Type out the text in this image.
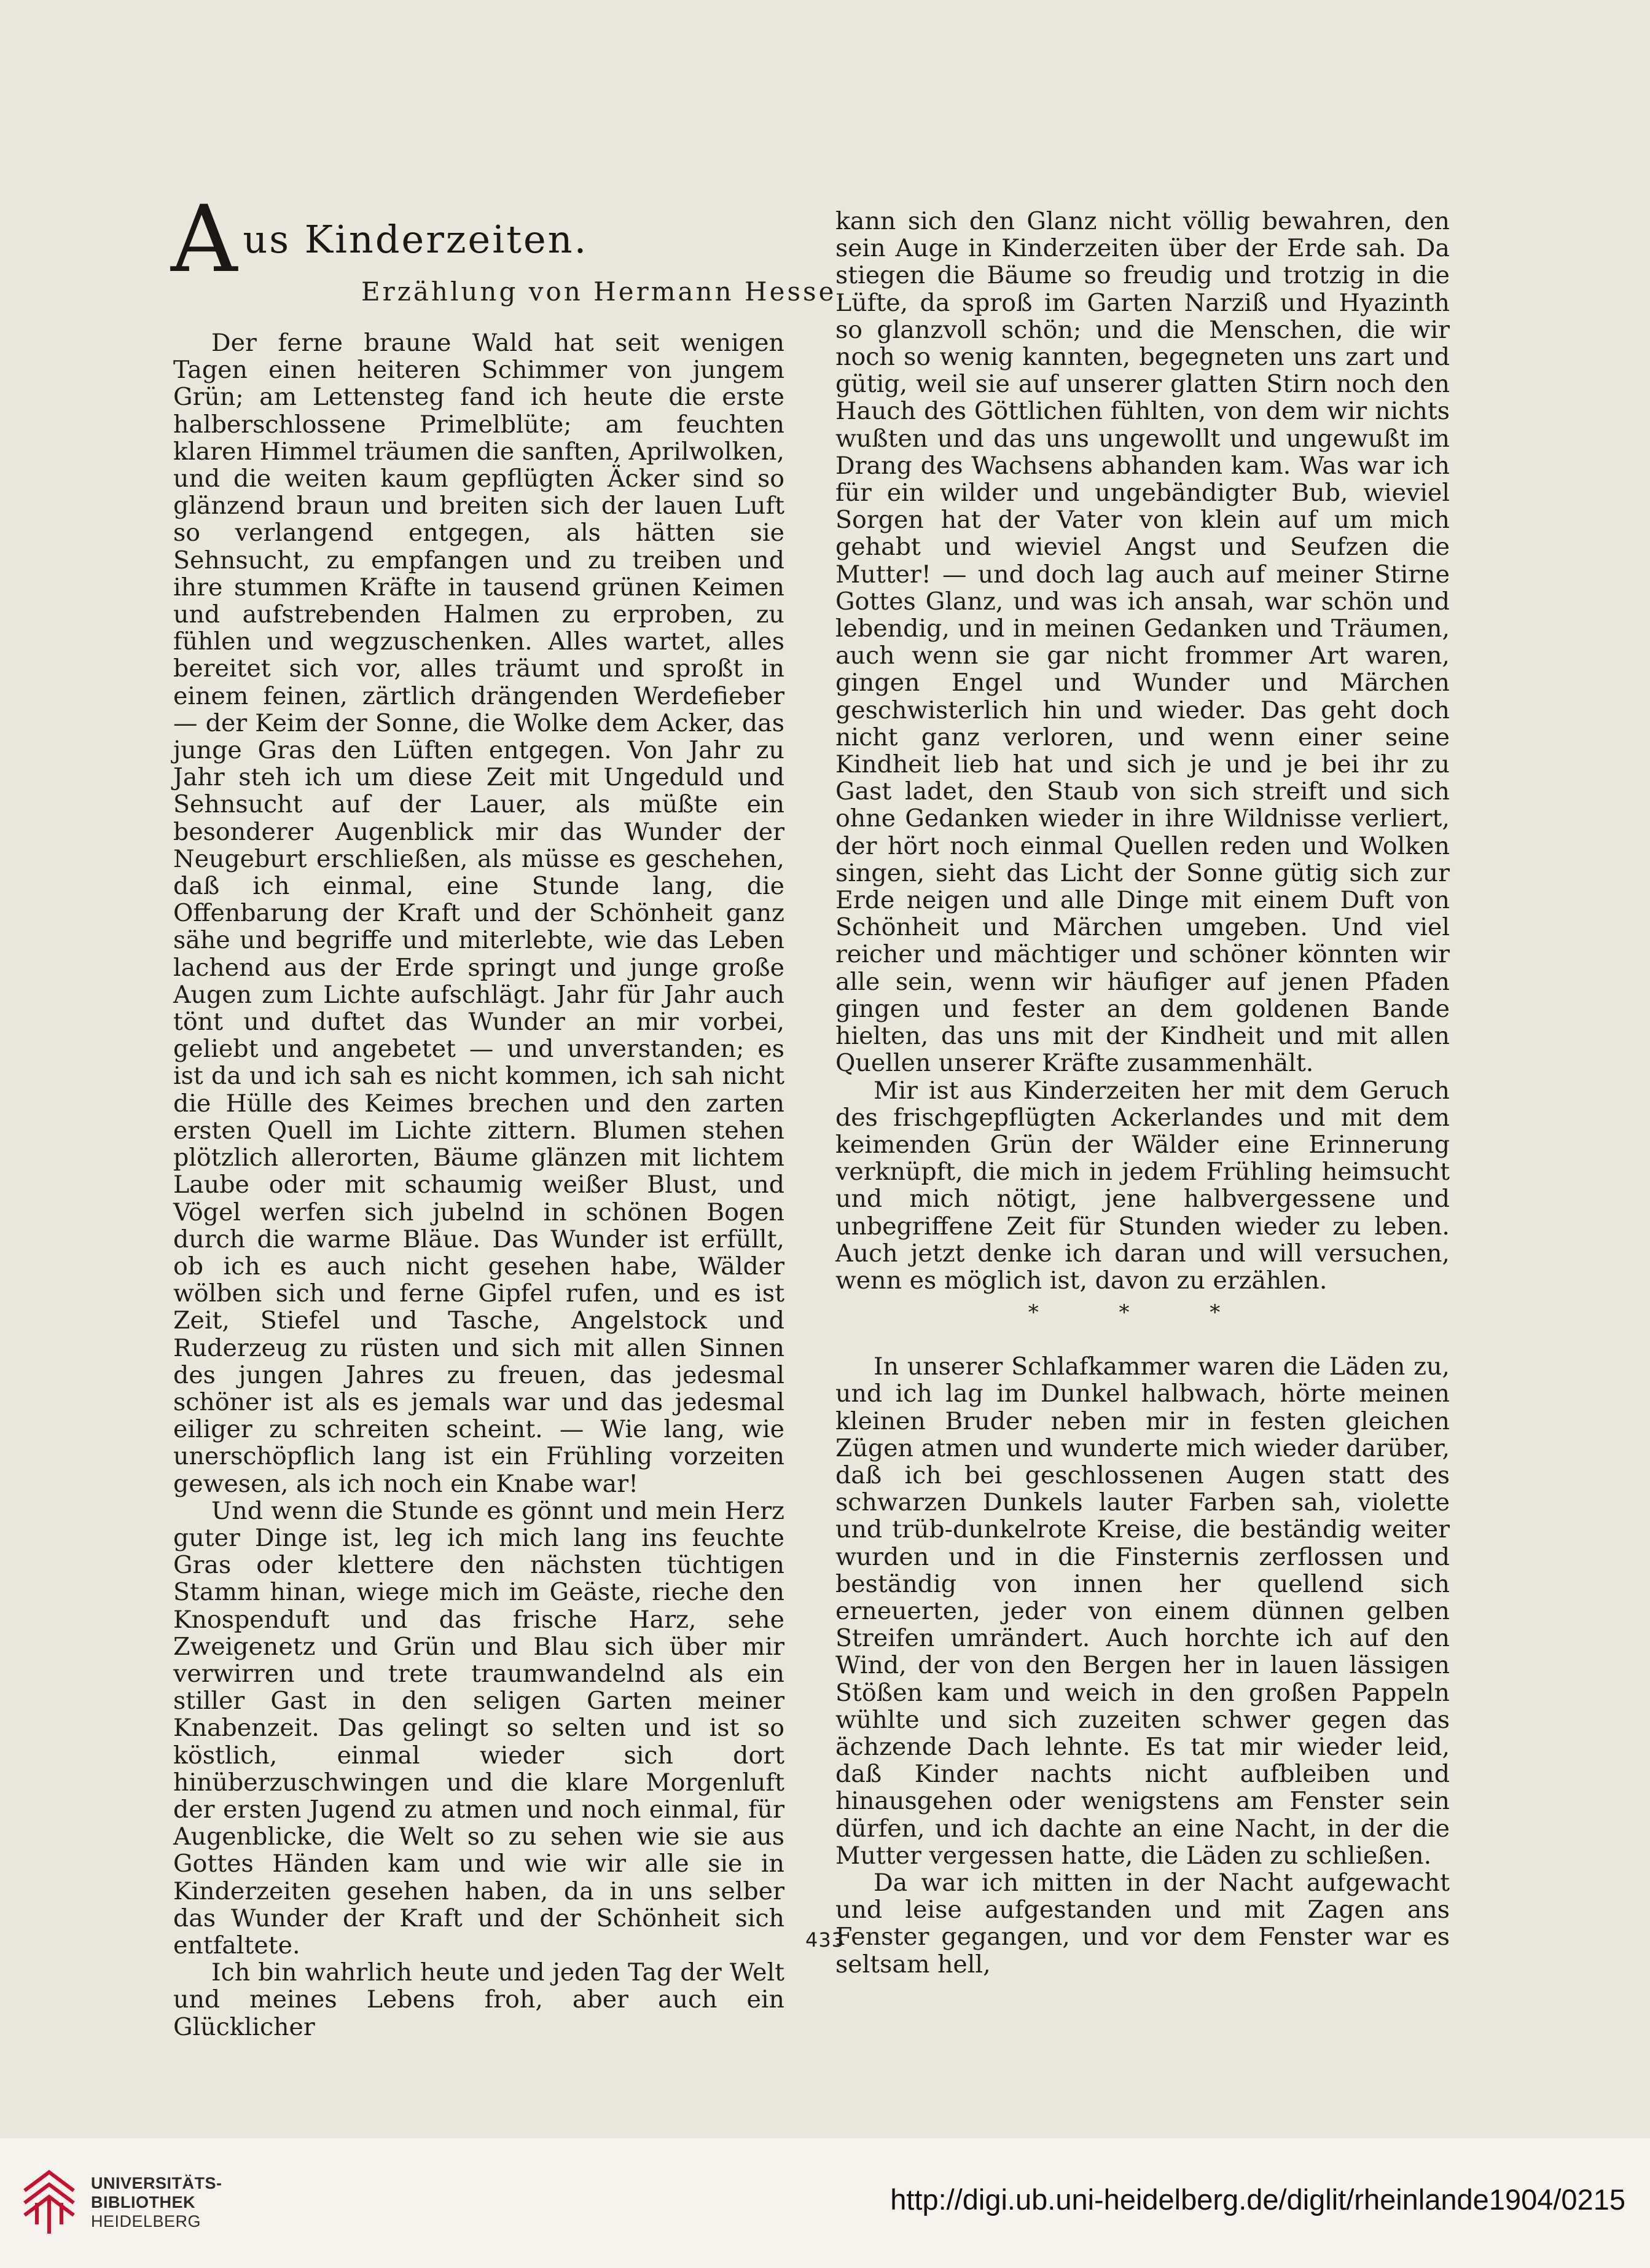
Aus Kinderzeiten.
Erzählung von Hermann Hesse.

Der ferne braune Wald hat seit wenigen Tagen einen heiteren Schimmer von jungem Grün; am Lettensteg fand ich heute die erste halberschlossene Primelblüte; am feuchten klaren Himmel träumen die sanften, Aprilwolken, und die weiten kaum gepflügten Äcker sind so glänzend braun und breiten sich der lauen Luft so verlangend entgegen, als hätten sie Sehnsucht, zu empfangen und zu treiben und ihre stummen Kräfte in tausend grünen Keimen und aufstrebenden Halmen zu erproben, zu fühlen und wegzuschenken. Alles wartet, alles bereitet sich vor, alles träumt und sproßt in einem feinen, zärtlich drängenden Werdefieber — der Keim der Sonne, die Wolke dem Acker, das junge Gras den Lüften entgegen. Von Jahr zu Jahr steh ich um diese Zeit mit Ungeduld und Sehnsucht auf der Lauer, als müßte ein besonderer Augenblick mir das Wunder der Neugeburt erschließen, als müsse es geschehen, daß ich einmal, eine Stunde lang, die Offenbarung der Kraft und der Schönheit ganz sähe und begriffe und miterlebte, wie das Leben lachend aus der Erde springt und junge große Augen zum Lichte aufschlägt. Jahr für Jahr auch tönt und duftet das Wunder an mir vorbei, geliebt und angebetet — und unverstanden; es ist da und ich sah es nicht kommen, ich sah nicht die Hülle des Keimes brechen und den zarten ersten Quell im Lichte zittern. Blumen stehen plötzlich allerorten, Bäume glänzen mit lichtem Laube oder mit schaumig weißer Blust, und Vögel werfen sich jubelnd in schönen Bogen durch die warme Bläue. Das Wunder ist erfüllt, ob ich es auch nicht gesehen habe, Wälder wölben sich und ferne Gipfel rufen, und es ist Zeit, Stiefel und Tasche, Angelstock und Ruderzeug zu rüsten und sich mit allen Sinnen des jungen Jahres zu freuen, das jedesmal schöner ist als es jemals war und das jedesmal eiliger zu schreiten scheint. — Wie lang, wie unerschöpflich lang ist ein Frühling vorzeiten gewesen, als ich noch ein Knabe war!

Und wenn die Stunde es gönnt und mein Herz guter Dinge ist, leg ich mich lang ins feuchte Gras oder klettere den nächsten tüchtigen Stamm hinan, wiege mich im Geäste, rieche den Knospenduft und das frische Harz, sehe Zweigenetz und Grün und Blau sich über mir verwirren und trete traumwandelnd als ein stiller Gast in den seligen Garten meiner Knabenzeit. Das gelingt so selten und ist so köstlich, einmal wieder sich dort hinüberzuschwingen und die klare Morgenluft der ersten Jugend zu atmen und noch einmal, für Augenblicke, die Welt so zu sehen wie sie aus Gottes Händen kam und wie wir alle sie in Kinderzeiten gesehen haben, da in uns selber das Wunder der Kraft und der Schönheit sich entfaltete.

Ich bin wahrlich heute und jeden Tag der Welt und meines Lebens froh, aber auch ein Glücklicher

kann sich den Glanz nicht völlig bewahren, den sein Auge in Kinderzeiten über der Erde sah. Da stiegen die Bäume so freudig und trotzig in die Lüfte, da sproß im Garten Narziß und Hyazinth so glanzvoll schön; und die Menschen, die wir noch so wenig kannten, begegneten uns zart und gütig, weil sie auf unserer glatten Stirn noch den Hauch des Göttlichen fühlten, von dem wir nichts wußten und das uns ungewollt und ungewußt im Drang des Wachsens abhanden kam. Was war ich für ein wilder und ungebändigter Bub, wieviel Sorgen hat der Vater von klein auf um mich gehabt und wieviel Angst und Seufzen die Mutter! — und doch lag auch auf meiner Stirne Gottes Glanz, und was ich ansah, war schön und lebendig, und in meinen Gedanken und Träumen, auch wenn sie gar nicht frommer Art waren, gingen Engel und Wunder und Märchen geschwisterlich hin und wieder. Das geht doch nicht ganz verloren, und wenn einer seine Kindheit lieb hat und sich je und je bei ihr zu Gast ladet, den Staub von sich streift und sich ohne Gedanken wieder in ihre Wildnisse verliert, der hört noch einmal Quellen reden und Wolken singen, sieht das Licht der Sonne gütig sich zur Erde neigen und alle Dinge mit einem Duft von Schönheit und Märchen umgeben. Und viel reicher und mächtiger und schöner könnten wir alle sein, wenn wir häufiger auf jenen Pfaden gingen und fester an dem goldenen Bande hielten, das uns mit der Kindheit und mit allen Quellen unserer Kräfte zusammenhält.

Mir ist aus Kinderzeiten her mit dem Geruch des frischgepflügten Ackerlandes und mit dem keimenden Grün der Wälder eine Erinnerung verknüpft, die mich in jedem Frühling heimsucht und mich nötigt, jene halbvergessene und unbegriffene Zeit für Stunden wieder zu leben. Auch jetzt denke ich daran und will versuchen, wenn es möglich ist, davon zu erzählen.

* * *

In unserer Schlafkammer waren die Läden zu, und ich lag im Dunkel halbwach, hörte meinen kleinen Bruder neben mir in festen gleichen Zügen atmen und wunderte mich wieder darüber, daß ich bei geschlossenen Augen statt des schwarzen Dunkels lauter Farben sah, violette und trüb-dunkelrote Kreise, die beständig weiter wurden und in die Finsternis zerflossen und beständig von innen her quellend sich erneuerten, jeder von einem dünnen gelben Streifen umrändert. Auch horchte ich auf den Wind, der von den Bergen her in lauen lässigen Stößen kam und weich in den großen Pappeln wühlte und sich zuzeiten schwer gegen das ächzende Dach lehnte. Es tat mir wieder leid, daß Kinder nachts nicht aufbleiben und hinausgehen oder wenigstens am Fenster sein dürfen, und ich dachte an eine Nacht, in der die Mutter vergessen hatte, die Läden zu schließen.

Da war ich mitten in der Nacht aufgewacht und leise aufgestanden und mit Zagen ans Fenster gegangen, und vor dem Fenster war es seltsam hell,

433
UNIVERSITÄTS-
BIBLIOTHEK
HEIDELBERG
http://digi.ub.uni-heidelberg.de/diglit/rheinlande1904/0215
